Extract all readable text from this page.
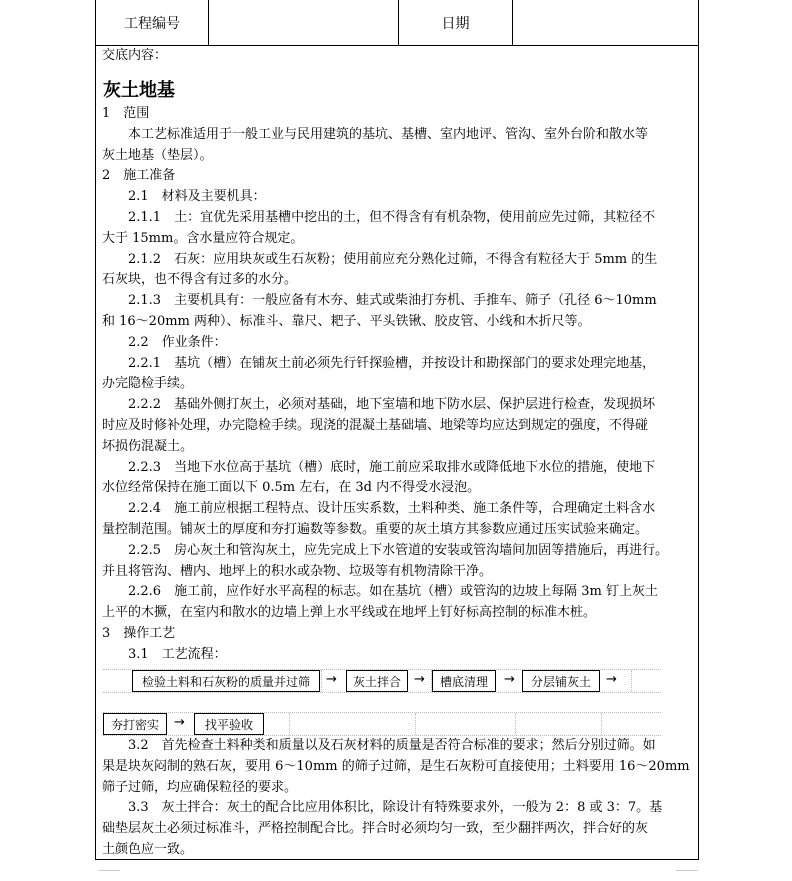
工程编号	日期
交底内容：
灰土地基
1　范围
　　本工艺标准适用于一般工业与民用建筑的基坑、基槽、室内地评、管沟、室外台阶和散水等
灰土地基（垫层）。
2　施工准备
　　2.1　材料及主要机具：
　　2.1.1　土：宜优先采用基槽中挖出的土，但不得含有有机杂物，使用前应先过筛，其粒径不
大于 15mm。含水量应符合规定。
　　2.1.2　石灰：应用块灰或生石灰粉；使用前应充分熟化过筛，不得含有粒径大于 5mm 的生
石灰块，也不得含有过多的水分。
　　2.1.3　主要机具有：一般应备有木夯、蛙式或柴油打夯机、手推车、筛子（孔径 6～10mm
和 16～20mm 两种）、标准斗、靠尺、耙子、平头铁锹、胶皮管、小线和木折尺等。
　　2.2　作业条件：
　　2.2.1　基坑（槽）在铺灰土前必须先行钎探验槽，并按设计和勘探部门的要求处理完地基，
办完隐检手续。
　　2.2.2　基础外侧打灰土，必须对基础，地下室墙和地下防水层、保护层进行检查，发现损坏
时应及时修补处理，办完隐检手续。现浇的混凝土基础墙、地梁等均应达到规定的强度，不得碰
坏损伤混凝土。
　　2.2.3　当地下水位高于基坑（槽）底时，施工前应采取排水或降低地下水位的措施，使地下
水位经常保持在施工面以下 0.5m 左右，在 3d 内不得受水浸泡。
　　2.2.4　施工前应根据工程特点、设计压实系数，土料种类、施工条件等，合理确定土料含水
量控制范围。铺灰土的厚度和夯打遍数等参数。重要的灰土填方其参数应通过压实试验来确定。
　　2.2.5　房心灰土和管沟灰土，应先完成上下水管道的安装或管沟墙间加固等措施后，再进行。
并且将管沟、槽内、地坪上的积水或杂物、垃圾等有机物清除干净。
　　2.2.6　施工前，应作好水平高程的标志。如在基坑（槽）或管沟的边坡上每隔 3m 钉上灰土
上平的木撅，在室内和散水的边墙上弹上水平线或在地坪上钉好标高控制的标准木桩。
3　操作工艺
　　3.1　工艺流程：
检验土料和石灰粉的质量并过筛	→	灰土拌合	→	槽底清理	→	分层铺灰土	→
夯打密实	→	找平验收
　　3.2　首先检查土料种类和质量以及石灰材料的质量是否符合标准的要求；然后分别过筛。如
果是块灰闷制的熟石灰，要用 6～10mm 的筛子过筛，是生石灰粉可直接使用；土料要用 16～20mm
筛子过筛，均应确保粒径的要求。
　　3.3　灰土拌合：灰土的配合比应用体积比，除设计有特殊要求外，一般为 2：8 或 3：7。基
础垫层灰土必须过标准斗，严格控制配合比。拌合时必须均匀一致，至少翻拌两次，拌合好的灰
土颜色应一致。
